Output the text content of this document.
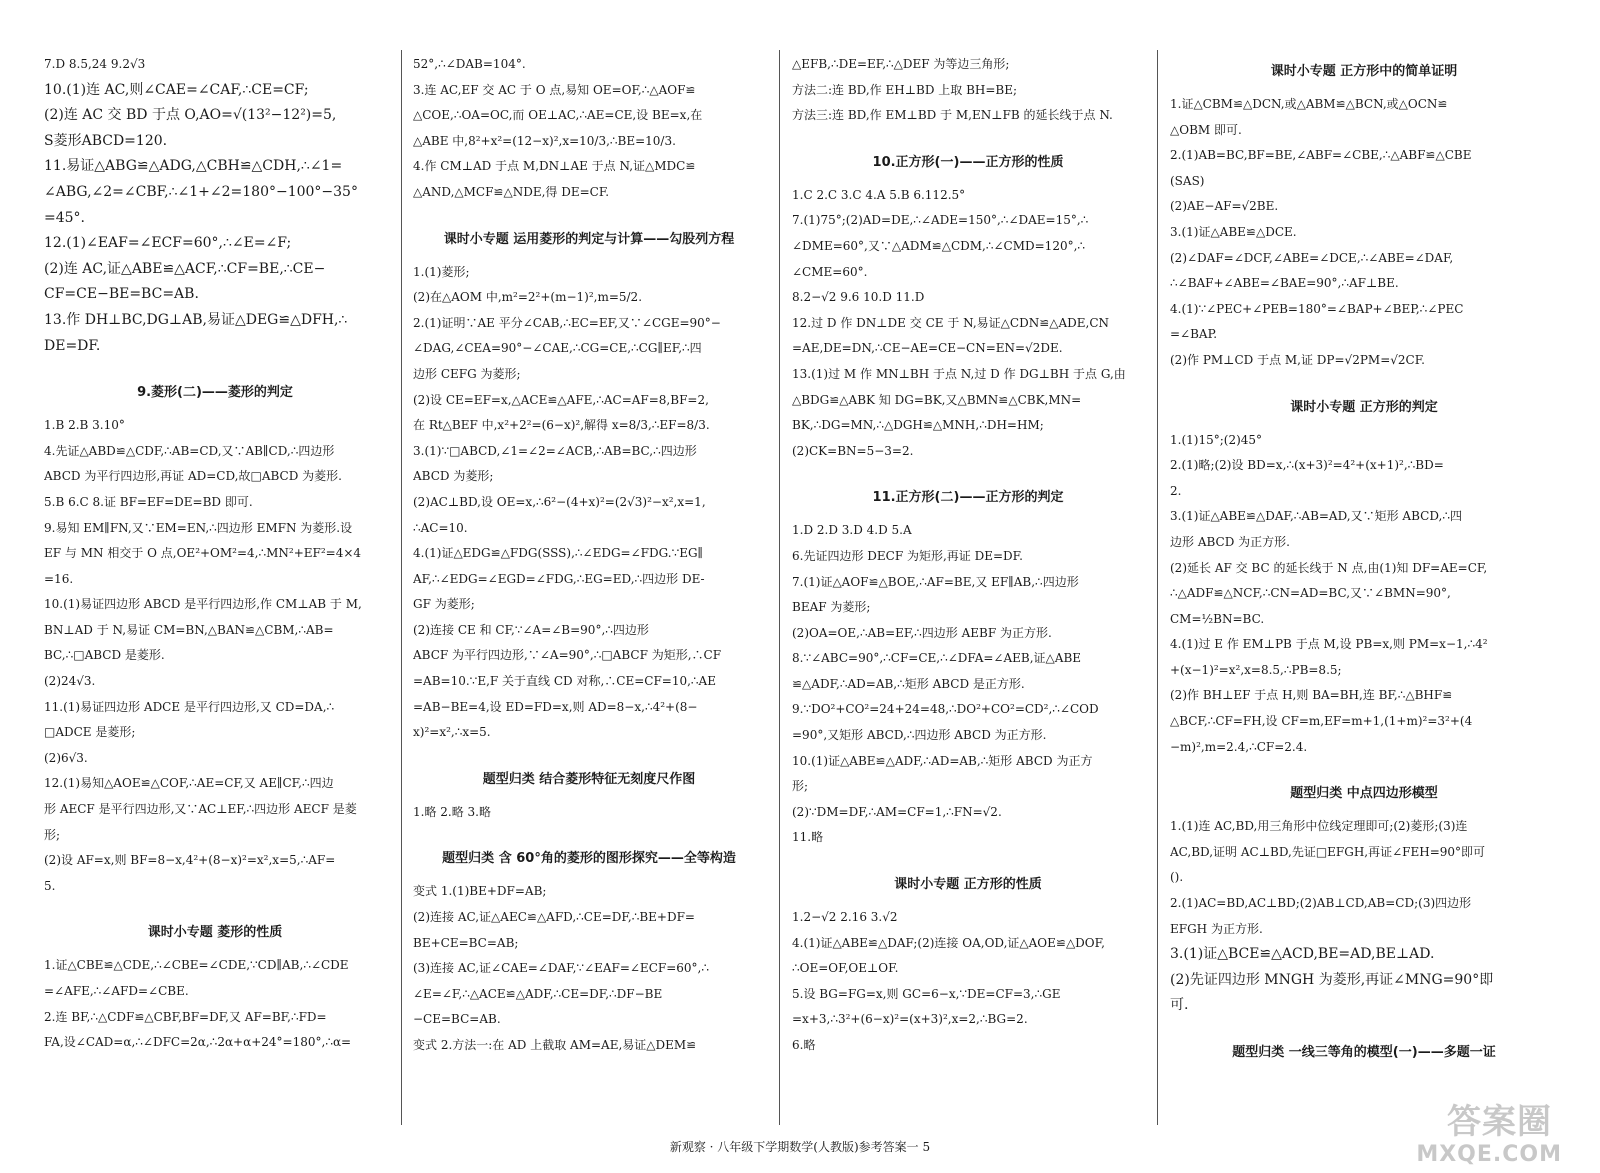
7.D 8.5,24 9.2√3
10.(1)连 AC,则∠CAE=∠CAF,∴CE=CF;
(2)连 AC 交 BD 于点 O,AO=√(13²−12²)=5,
S菱形ABCD=120.
11.易证△ABG≌△ADG,△CBH≌△CDH,∴∠1=
∠ABG,∠2=∠CBF,∴∠1+∠2=180°−100°−35°
=45°.
12.(1)∠EAF=∠ECF=60°,∴∠E=∠F;
(2)连 AC,证△ABE≌△ACF,∴CF=BE,∴CE−
CF=CE−BE=BC=AB.
13.作 DH⊥BC,DG⊥AB,易证△DEG≌△DFH,∴
DE=DF.
9.菱形(二)——菱形的判定
1.B 2.B 3.10°
4.先证△ABD≌△CDF,∴AB=CD,又∵AB∥CD,∴四边形
ABCD 为平行四边形,再证 AD=CD,故□ABCD 为菱形.
5.B 6.C 8.证 BF=EF=DE=BD 即可.
9.易知 EM∥FN,又∵EM=EN,∴四边形 EMFN 为菱形.设
EF 与 MN 相交于 O 点,OE²+OM²=4,∴MN²+EF²=4×4
=16.
10.(1)易证四边形 ABCD 是平行四边形,作 CM⊥AB 于 M,
BN⊥AD 于 N,易证 CM=BN,△BAN≌△CBM,∴AB=
BC,∴□ABCD 是菱形.
(2)24√3.
11.(1)易证四边形 ADCE 是平行四边形,又 CD=DA,∴
□ADCE 是菱形;
(2)6√3.
12.(1)易知△AOE≌△COF,∴AE=CF,又 AE∥CF,∴四边
形 AECF 是平行四边形,又∵AC⊥EF,∴四边形 AECF 是菱
形;
(2)设 AF=x,则 BF=8−x,4²+(8−x)²=x²,x=5,∴AF=
5.
课时小专题 菱形的性质
1.证△CBE≌△CDE,∴∠CBE=∠CDE,∵CD∥AB,∴∠CDE
=∠AFE,∴∠AFD=∠CBE.
2.连 BF,∴△CDF≌△CBF,BF=DF,又 AF=BF,∴FD=
FA,设∠CAD=α,∴∠DFC=2α,∴2α+α+24°=180°,∴α=
52°,∴∠DAB=104°.
3.连 AC,EF 交 AC 于 O 点,易知 OE=OF,∴△AOF≌
△COE,∴OA=OC,而 OE⊥AC,∴AE=CE,设 BE=x,在
△ABE 中,8²+x²=(12−x)²,x=10/3,∴BE=10/3.
4.作 CM⊥AD 于点 M,DN⊥AE 于点 N,证△MDC≌
△AND,△MCF≌△NDE,得 DE=CF.
课时小专题 运用菱形的判定与计算——勾股列方程
1.(1)菱形;
(2)在△AOM 中,m²=2²+(m−1)²,m=5/2.
2.(1)证明∵AE 平分∠CAB,∴EC=EF,又∵∠CGE=90°−
∠DAG,∠CEA=90°−∠CAE,∴CG=CE,∴CG∥EF,∴四
边形 CEFG 为菱形;
(2)设 CE=EF=x,△ACE≌△AFE,∴AC=AF=8,BF=2,
在 Rt△BEF 中,x²+2²=(6−x)²,解得 x=8/3,∴EF=8/3.
3.(1)∵□ABCD,∠1=∠2=∠ACB,∴AB=BC,∴四边形
ABCD 为菱形;
(2)AC⊥BD,设 OE=x,∴6²−(4+x)²=(2√3)²−x²,x=1,
∴AC=10.
4.(1)证△EDG≌△FDG(SSS),∴∠EDG=∠FDG.∵EG∥
AF,∴∠EDG=∠EGD=∠FDG,∴EG=ED,∴四边形 DE-
GF 为菱形;
(2)连接 CE 和 CF,∵∠A=∠B=90°,∴四边形
ABCF 为平行四边形,∵∠A=90°,∴□ABCF 为矩形,∴CF
=AB=10.∵E,F 关于直线 CD 对称,∴CE=CF=10,∴AE
=AB−BE=4,设 ED=FD=x,则 AD=8−x,∴4²+(8−
x)²=x²,∴x=5.
题型归类 结合菱形特征无刻度尺作图
1.略 2.略 3.略
题型归类 含 60°角的菱形的图形探究——全等构造
变式 1.(1)BE+DF=AB;
(2)连接 AC,证△AEC≌△AFD,∴CE=DF,∴BE+DF=
BE+CE=BC=AB;
(3)连接 AC,证∠CAE=∠DAF,∵∠EAF=∠ECF=60°,∴
∠E=∠F,∴△ACE≌△ADF,∴CE=DF,∴DF−BE
−CE=BC=AB.
变式 2.方法一:在 AD 上截取 AM=AE,易证△DEM≌
△EFB,∴DE=EF,∴△DEF 为等边三角形;
方法二:连 BD,作 EH⊥BD 上取 BH=BE;
方法三:连 BD,作 EM⊥BD 于 M,EN⊥FB 的延长线于点 N.
10.正方形(一)——正方形的性质
1.C 2.C 3.C 4.A 5.B 6.112.5°
7.(1)75°;(2)AD=DE,∴∠ADE=150°,∴∠DAE=15°,∴
∠DME=60°,又∵△ADM≌△CDM,∴∠CMD=120°,∴
∠CME=60°.
8.2−√2 9.6 10.D 11.D
12.过 D 作 DN⊥DE 交 CE 于 N,易证△CDN≌△ADE,CN
=AE,DE=DN,∴CE−AE=CE−CN=EN=√2DE.
13.(1)过 M 作 MN⊥BH 于点 N,过 D 作 DG⊥BH 于点 G,由
△BDG≌△ABK 知 DG=BK,又△BMN≌△CBK,MN=
BK,∴DG=MN,∴△DGH≌△MNH,∴DH=HM;
(2)CK=BN=5−3=2.
11.正方形(二)——正方形的判定
1.D 2.D 3.D 4.D 5.A
6.先证四边形 DECF 为矩形,再证 DE=DF.
7.(1)证△AOF≌△BOE,∴AF=BE,又 EF∥AB,∴四边形
BEAF 为菱形;
(2)OA=OE,∴AB=EF,∴四边形 AEBF 为正方形.
8.∵∠ABC=90°,∴CF=CE,∴∠DFA=∠AEB,证△ABE
≌△ADF,∴AD=AB,∴矩形 ABCD 是正方形.
9.∵DO²+CO²=24+24=48,∴DO²+CO²=CD²,∴∠COD
=90°,又矩形 ABCD,∴四边形 ABCD 为正方形.
10.(1)证△ABE≌△ADF,∴AD=AB,∴矩形 ABCD 为正方
形;
(2)∵DM=DF,∴AM=CF=1,∴FN=√2.
11.略
课时小专题 正方形的性质
1.2−√2 2.16 3.√2
4.(1)证△ABE≌△DAF;(2)连接 OA,OD,证△AOE≌△DOF,
∴OE=OF,OE⊥OF.
5.设 BG=FG=x,则 GC=6−x,∵DE=CF=3,∴GE
=x+3,∴3²+(6−x)²=(x+3)²,x=2,∴BG=2.
6.略
课时小专题 正方形中的简单证明
1.证△CBM≌△DCN,或△ABM≌△BCN,或△OCN≌
△OBM 即可.
2.(1)AB=BC,BF=BE,∠ABF=∠CBE,∴△ABF≌△CBE
(SAS)
(2)AE−AF=√2BE.
3.(1)证△ABE≌△DCE.
(2)∠DAF=∠DCF,∠ABE=∠DCE,∴∠ABE=∠DAF,
∴∠BAF+∠ABE=∠BAE=90°,∴AF⊥BE.
4.(1)∵∠PEC+∠PEB=180°=∠BAP+∠BEP,∴∠PEC
=∠BAP.
(2)作 PM⊥CD 于点 M,证 DP=√2PM=√2CF.
课时小专题 正方形的判定
1.(1)15°;(2)45°
2.(1)略;(2)设 BD=x,∴(x+3)²=4²+(x+1)²,∴BD=
2.
3.(1)证△ABE≌△DAF,∴AB=AD,又∵矩形 ABCD,∴四
边形 ABCD 为正方形.
(2)延长 AF 交 BC 的延长线于 N 点,由(1)知 DF=AE=CF,
∴△ADF≌△NCF,∴CN=AD=BC,又∵∠BMN=90°,
CM=½BN=BC.
4.(1)过 E 作 EM⊥PB 于点 M,设 PB=x,则 PM=x−1,∴4²
+(x−1)²=x²,x=8.5,∴PB=8.5;
(2)作 BH⊥EF 于点 H,则 BA=BH,连 BF,∴△BHF≌
△BCF,∴CF=FH,设 CF=m,EF=m+1,(1+m)²=3²+(4
−m)²,m=2.4,∴CF=2.4.
题型归类 中点四边形模型
1.(1)连 AC,BD,用三角形中位线定理即可;(2)菱形;(3)连
AC,BD,证明 AC⊥BD,先证□EFGH,再证∠FEH=90°即可
().
2.(1)AC=BD,AC⊥BD;(2)AB⊥CD,AB=CD;(3)四边形
EFGH 为正方形.
3.(1)证△BCE≌△ACD,BE=AD,BE⊥AD.
(2)先证四边形 MNGH 为菱形,再证∠MNG=90°即
可.
题型归类 一线三等角的模型(一)——多题一证
新观察 · 八年级下学期数学(人教版)参考答案一 5
答案圈
MXQE.COM
